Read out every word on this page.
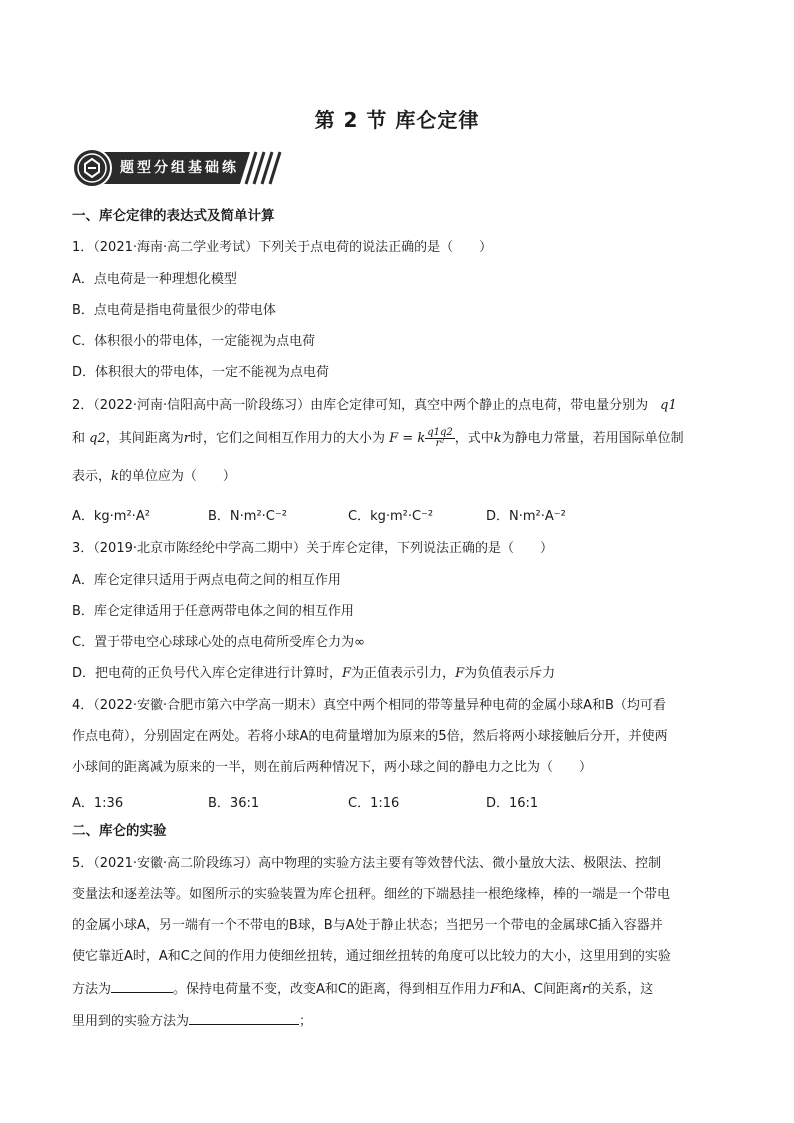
第 2 节 库仑定律
题型分组基础练
一、库仑定律的表达式及简单计算
1．（2021·海南·高二学业考试）下列关于点电荷的说法正确的是（　　）
A．点电荷是一种理想化模型
B．点电荷是指电荷量很少的带电体
C．体积很小的带电体，一定能视为点电荷
D．体积很大的带电体，一定不能视为点电荷
2．（2022·河南·信阳高中高一阶段练习）由库仑定律可知，真空中两个静止的点电荷，带电量分别为 q1
和 q2，其间距离为r时，它们之间相互作用力的大小为 F = k $\frac{q1q2}{\text{r²}}$ ，式中k为静电力常量，若用国际单位制
表示，k的单位应为（　　）
A．kg·m²·A²	B．N·m²·C⁻²	C．kg·m²·C⁻²	D．N·m²·A⁻²
3．（2019·北京市陈经纶中学高二期中）关于库仑定律，下列说法正确的是（　　）
A．库仑定律只适用于两点电荷之间的相互作用
B．库仑定律适用于任意两带电体之间的相互作用
C．置于带电空心球球心处的点电荷所受库仑力为∞
D．把电荷的正负号代入库仑定律进行计算时，F为正值表示引力，F为负值表示斥力
4．（2022·安徽·合肥市第六中学高一期末）真空中两个相同的带等量异种电荷的金属小球A和B（均可看
作点电荷），分别固定在两处。若将小球A的电荷量增加为原来的5倍，然后将两小球接触后分开，并使两
小球间的距离减为原来的一半，则在前后两种情况下，两小球之间的静电力之比为（　　）
A．1:36	B．36:1	C．1:16	D．16:1
二、库仑的实验
5．（2021·安徽·高二阶段练习）高中物理的实验方法主要有等效替代法、微小量放大法、极限法、控制
变量法和逐差法等。如图所示的实验装置为库仑扭秤。细丝的下端悬挂一根绝缘棒，棒的一端是一个带电
的金属小球A，另一端有一个不带电的B球，B与A处于静止状态；当把另一个带电的金属球C插入容器并
使它靠近A时，A和C之间的作用力使细丝扭转，通过细丝扭转的角度可以比较力的大小，这里用到的实验
方法为	。保持电荷量不变，改变A和C的距离，得到相互作用力F和A、C间距离r的关系，这
里用到的实验方法为	；
